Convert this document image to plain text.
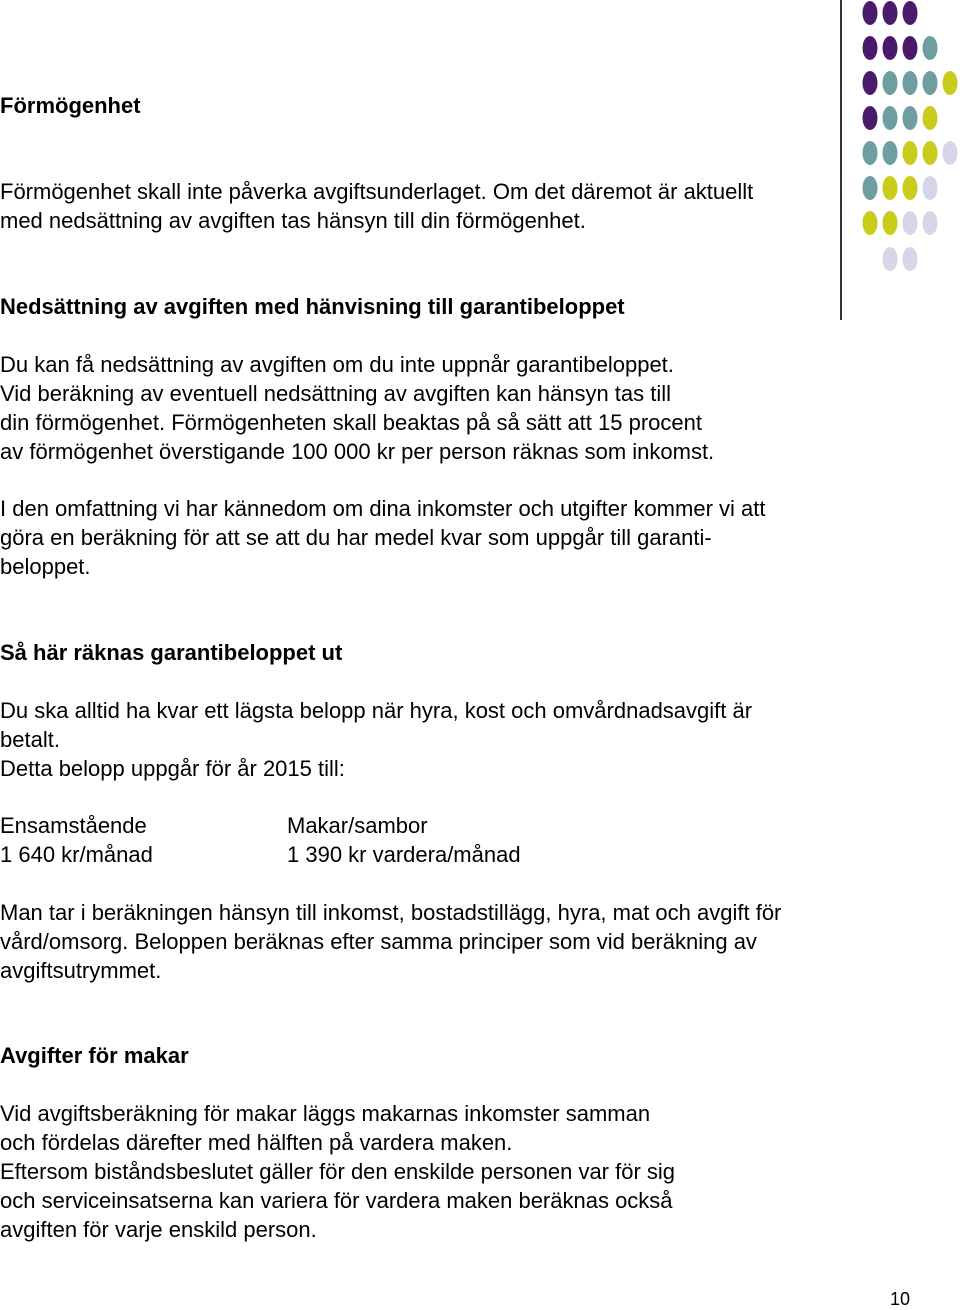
Förmögenhet

Förmögenhet skall inte påverka avgiftsunderlaget. Om det däremot är aktuellt

med nedsättning av avgiften tas hänsyn till din förmögenhet.

Nedsättning av avgiften med hänvisning till garantibeloppet

Du kan få nedsättning av avgiften om du inte uppnår garantibeloppet.

Vid beräkning av eventuell nedsättning av avgiften kan hänsyn tas till

din förmögenhet. Förmögenheten skall beaktas på så sätt att 15 procent

av förmögenhet överstigande 100 000 kr per person räknas som inkomst.

I den omfattning vi har kännedom om dina inkomster och utgifter kommer vi att

göra en beräkning för att se att du har medel kvar som uppgår till garanti-

beloppet.

Så här räknas garantibeloppet ut

Du ska alltid ha kvar ett lägsta belopp när hyra, kost och omvårdnadsavgift är

betalt.

Detta belopp uppgår för år 2015 till:

Ensamstående	Makar/sambor

1 640 kr/månad	1 390 kr vardera/månad

Man tar i beräkningen hänsyn till inkomst, bostadstillägg, hyra, mat och avgift för

vård/omsorg. Beloppen beräknas efter samma principer som vid beräkning av

avgiftsutrymmet.

Avgifter för makar

Vid avgiftsberäkning för makar läggs makarnas inkomster samman

och fördelas därefter med hälften på vardera maken.

Eftersom biståndsbeslutet gäller för den enskilde personen var för sig

och serviceinsatserna kan variera för vardera maken beräknas också

avgiften för varje enskild person.

10
